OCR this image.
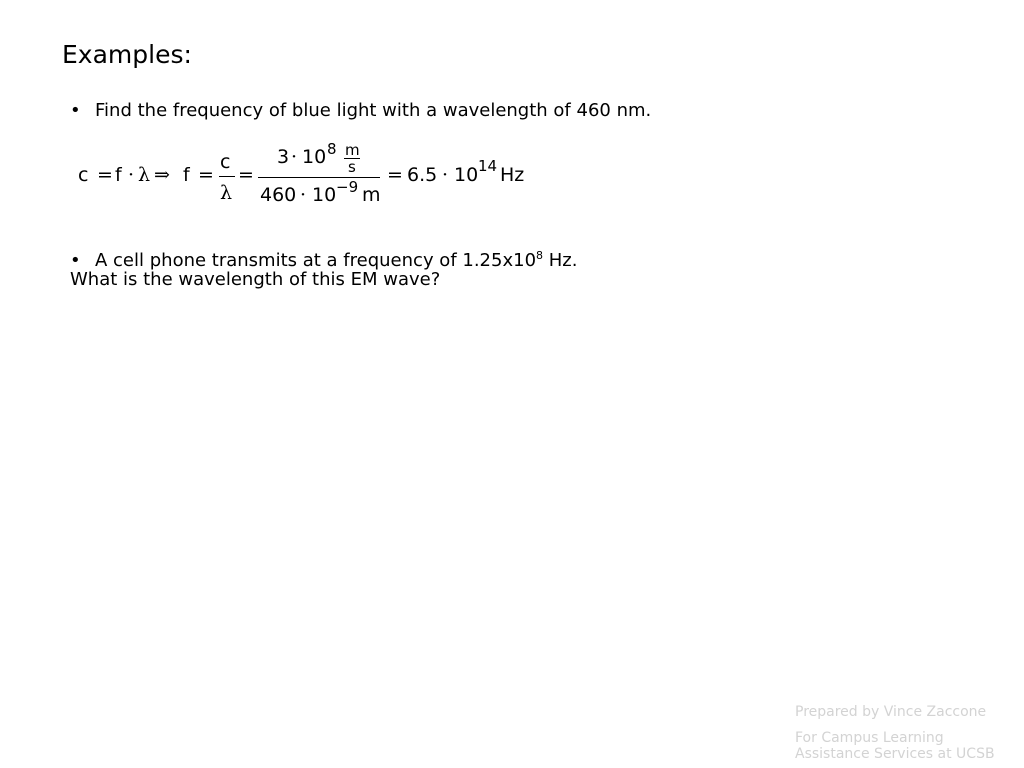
Examples:
• Find the frequency of blue light with a wavelength of 460 nm.
c = f · λ ⇒ f =
c
λ
=
3 · 10 8 m
s
460 · 10 −9 m
= 6.5 · 10 14 Hz
• A cell phone transmits at a frequency of $1.25x10^8$ Hz.
What is the wavelength of this EM wave?
Prepared by Vince Zaccone
For Campus Learning Assistance Services at UCSB
